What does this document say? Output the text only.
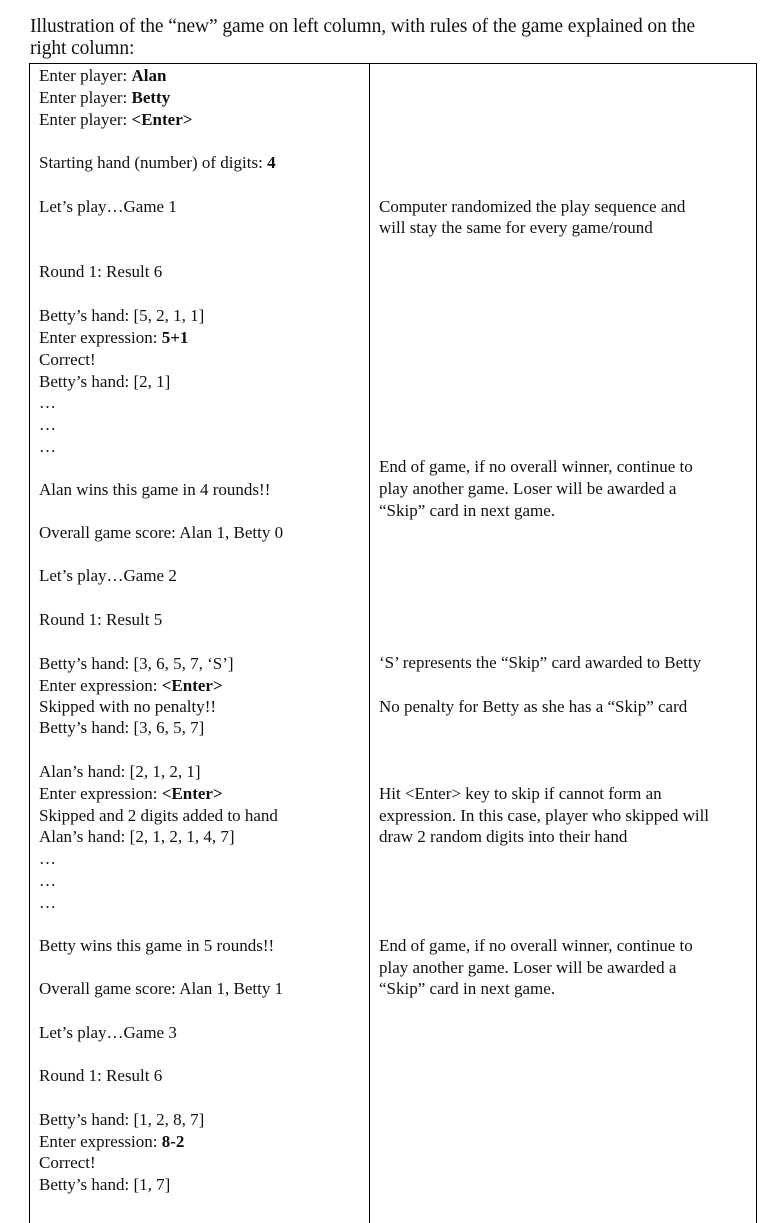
Illustration of the “new” game on left column, with rules of the game explained on the
right column:
Enter player: Alan
Enter player: Betty
Enter player: <Enter>
Starting hand (number) of digits: 4
Let’s play…Game 1
Round 1: Result 6
Betty’s hand: [5, 2, 1, 1]
Enter expression: 5+1
Correct!
Betty’s hand: [2, 1]
…
…
…
Alan wins this game in 4 rounds!!
Overall game score: Alan 1, Betty 0
Let’s play…Game 2
Round 1: Result 5
Betty’s hand: [3, 6, 5, 7, ‘S’]
Enter expression: <Enter>
Skipped with no penalty!!
Betty’s hand: [3, 6, 5, 7]
Alan’s hand: [2, 1, 2, 1]
Enter expression: <Enter>
Skipped and 2 digits added to hand
Alan’s hand: [2, 1, 2, 1, 4, 7]
…
…
…
Betty wins this game in 5 rounds!!
Overall game score: Alan 1, Betty 1
Let’s play…Game 3
Round 1: Result 6
Betty’s hand: [1, 2, 8, 7]
Enter expression: 8-2
Correct!
Betty’s hand: [1, 7]
Computer randomized the play sequence and
will stay the same for every game/round
End of game, if no overall winner, continue to
play another game. Loser will be awarded a
“Skip” card in next game.
‘S’ represents the “Skip” card awarded to Betty
No penalty for Betty as she has a “Skip” card
Hit <Enter> key to skip if cannot form an
expression. In this case, player who skipped will
draw 2 random digits into their hand
End of game, if no overall winner, continue to
play another game. Loser will be awarded a
“Skip” card in next game.
